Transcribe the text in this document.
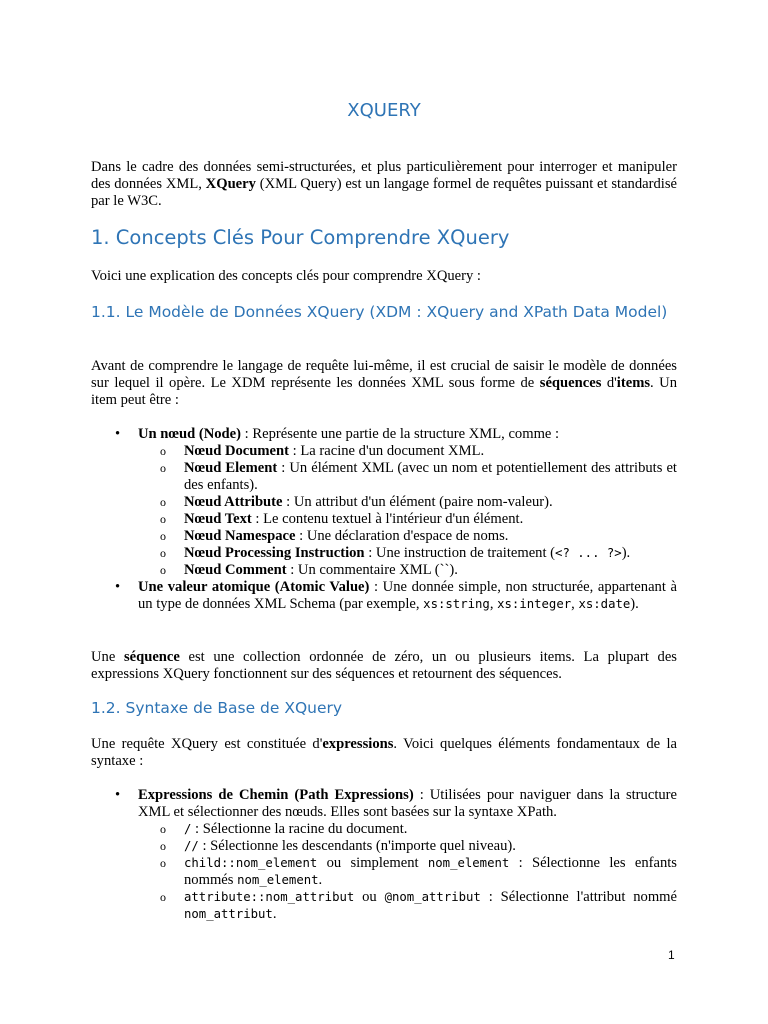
XQUERY

Dans le cadre des données semi-structurées, et plus particulièrement pour interroger et manipuler des données XML, XQuery (XML Query) est un langage formel de requêtes puissant et standardisé par le W3C.

1. Concepts Clés Pour Comprendre XQuery

Voici une explication des concepts clés pour comprendre XQuery :

1.1. Le Modèle de Données XQuery (XDM : XQuery and XPath Data Model)

Avant de comprendre le langage de requête lui-même, il est crucial de saisir le modèle de données sur lequel il opère. Le XDM représente les données XML sous forme de séquences d'items. Un item peut être :

• Un nœud (Node) : Représente une partie de la structure XML, comme :
o Nœud Document : La racine d'un document XML.
o Nœud Element : Un élément XML (avec un nom et potentiellement des attributs et des enfants).
o Nœud Attribute : Un attribut d'un élément (paire nom-valeur).
o Nœud Text : Le contenu textuel à l'intérieur d'un élément.
o Nœud Namespace : Une déclaration d'espace de noms.
o Nœud Processing Instruction : Une instruction de traitement (<? ... ?>).
o Nœud Comment : Un commentaire XML (``).
• Une valeur atomique (Atomic Value) : Une donnée simple, non structurée, appartenant à un type de données XML Schema (par exemple, xs:string, xs:integer, xs:date).

Une séquence est une collection ordonnée de zéro, un ou plusieurs items. La plupart des expressions XQuery fonctionnent sur des séquences et retournent des séquences.

1.2. Syntaxe de Base de XQuery

Une requête XQuery est constituée d'expressions. Voici quelques éléments fondamentaux de la syntaxe :

• Expressions de Chemin (Path Expressions) : Utilisées pour naviguer dans la structure XML et sélectionner des nœuds. Elles sont basées sur la syntaxe XPath.
o / : Sélectionne la racine du document.
o // : Sélectionne les descendants (n'importe quel niveau).
o child::nom_element ou simplement nom_element : Sélectionne les enfants nommés nom_element.
o attribute::nom_attribut ou @nom_attribut : Sélectionne l'attribut nommé nom_attribut.
1
